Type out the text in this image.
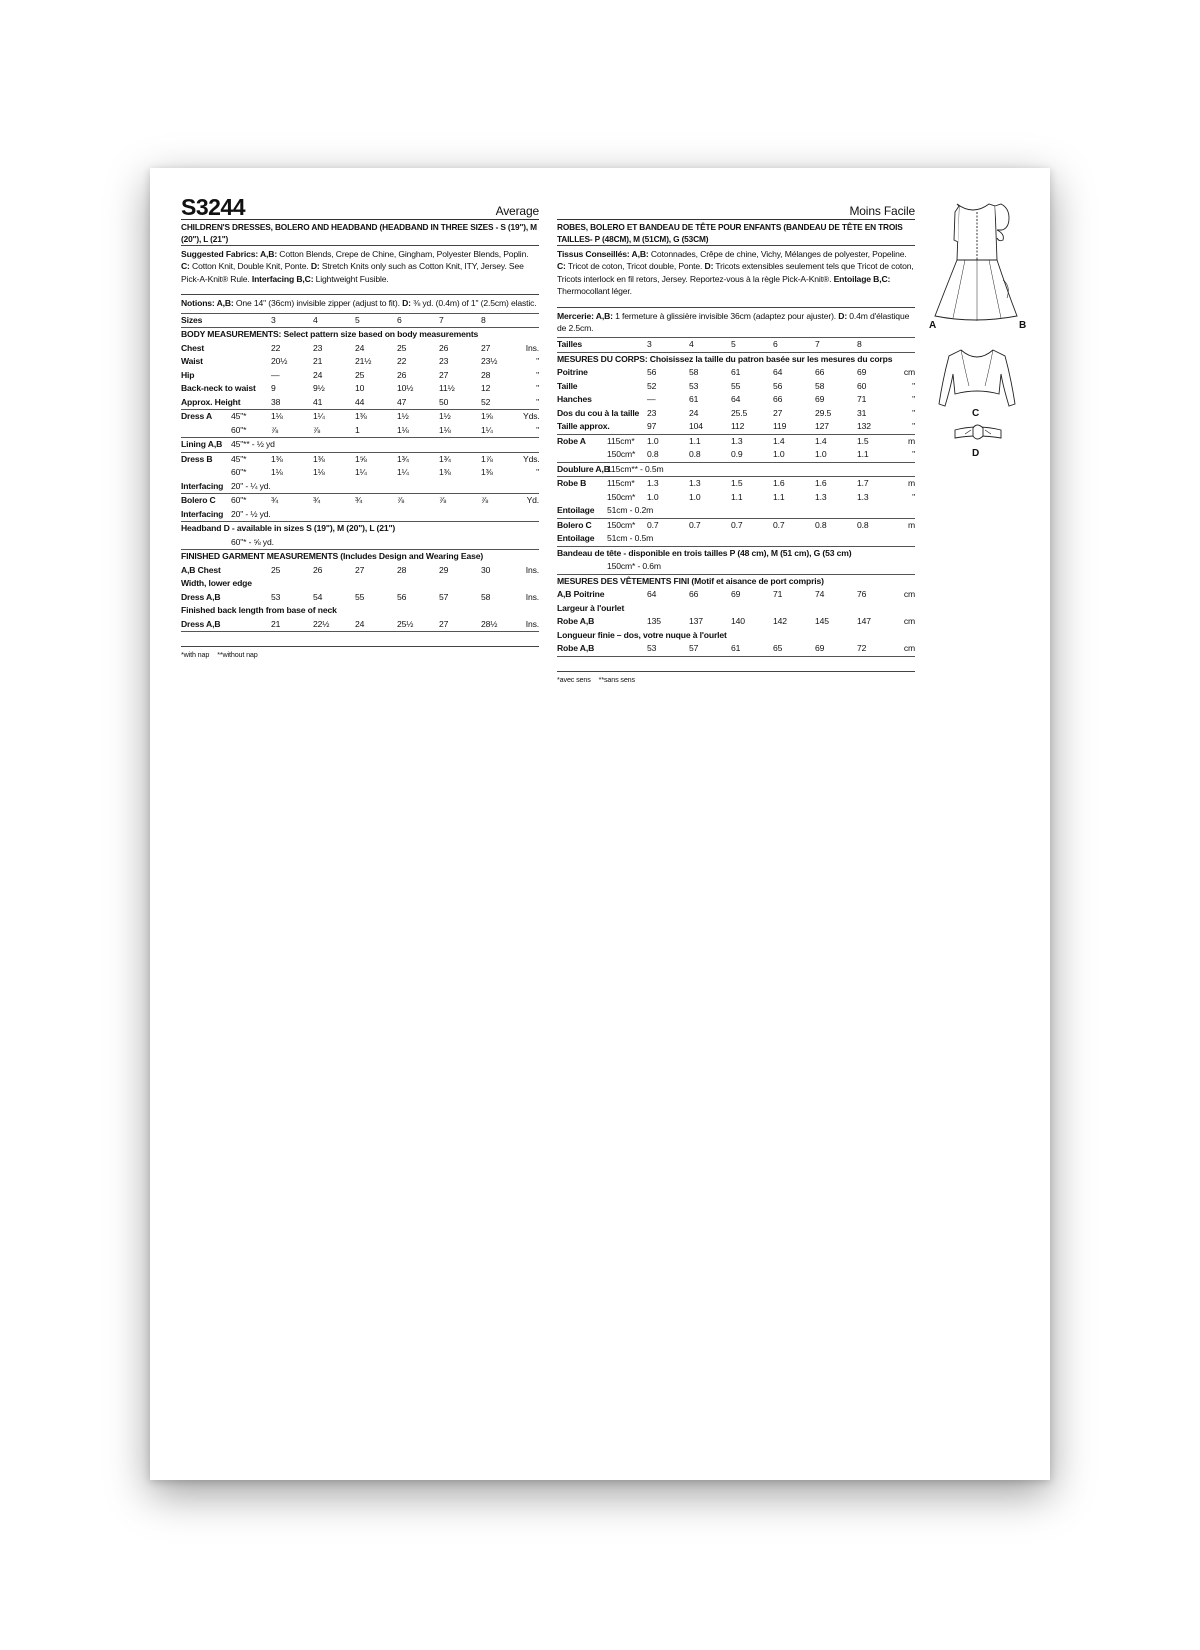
S3244	Average
CHILDREN'S DRESSES, BOLERO AND HEADBAND (HEADBAND IN THREE SIZES - S (19"), M (20"), L (21")

Suggested Fabrics: A,B: Cotton Blends, Crepe de Chine, Gingham, Polyester Blends, Poplin. C: Cotton Knit, Double Knit, Ponte. D: Stretch Knits only such as Cotton Knit, ITY, Jersey. See Pick-A-Knit® Rule. Interfacing B,C: Lightweight Fusible.

Notions: A,B: One 14" (36cm) invisible zipper (adjust to fit). D: ⅜ yd. (0.4m) of 1" (2.5cm) elastic.

Sizes		3	4	5	6	7	8	
BODY MEASUREMENTS: Select pattern size based on body measurements								
Chest		22	23	24	25	26	27	Ins.
Waist		20½	21	21½	22	23	23½	"
Hip		—	24	25	26	27	28	"
Back-neck to waist		9	9½	10	10½	11½	12	"
Approx. Height		38	41	44	47	50	52	"
Dress A	45"*	1⅛	1¼	1⅜	1½	1½	1⅝	Yds.
	60"*	⅞	⅞	1	1⅛	1⅛	1¼	"
Lining A,B	45"** - ½ yd							
Dress B	45"*	1⅜	1⅜	1⅝	1¾	1¾	1⅞	Yds.
	60"*	1⅛	1⅛	1¼	1¼	1⅜	1⅜	"
Interfacing	20" - ¼ yd.							
Bolero C	60"*	¾	¾	¾	⅞	⅞	⅞	Yd.
Interfacing	20" - ½ yd.							
Headband D - available in sizes S (19"), M (20"), L (21")								
	60"* - ⅝ yd.							
FINISHED GARMENT MEASUREMENTS (Includes Design and Wearing Ease)								
A,B Chest		25	26	27	28	29	30	Ins.
Width, lower edge								
Dress A,B		53	54	55	56	57	58	Ins.
Finished back length from base of neck								
Dress A,B		21	22½	24	25½	27	28½	Ins.
*with nap **without nap
Moins Facile
ROBES, BOLERO ET BANDEAU DE TÊTE POUR ENFANTS (BANDEAU DE TÊTE EN TROIS TAILLES- P (48CM), M (51CM), G (53CM)

Tissus Conseillés: A,B: Cotonnades, Crêpe de chine, Vichy, Mélanges de polyester, Popeline. C: Tricot de coton, Tricot double, Ponte. D: Tricots extensibles seulement tels que Tricot de coton, Tricots interlock en fil retors, Jersey. Reportez-vous à la règle Pick-A-Knit®. Entoilage B,C: Thermocollant léger.

Mercerie: A,B: 1 fermeture à glissière invisible 36cm (adaptez pour ajuster). D: 0.4m d'élastique de 2.5cm.

Tailles		3	4	5	6	7	8	
MESURES DU CORPS: Choisissez la taille du patron basée sur les mesures du corps								
Poitrine		56	58	61	64	66	69	cm
Taille		52	53	55	56	58	60	"
Hanches		—	61	64	66	69	71	"
Dos du cou à la taille		23	24	25.5	27	29.5	31	"
Taille approx.		97	104	112	119	127	132	"
Robe A	115cm*	1.0	1.1	1.3	1.4	1.4	1.5	m
	150cm*	0.8	0.8	0.9	1.0	1.0	1.1	"
Doublure A,B	115cm** - 0.5m							
Robe B	115cm*	1.3	1.3	1.5	1.6	1.6	1.7	m
	150cm*	1.0	1.0	1.1	1.1	1.3	1.3	"
Entoilage	51cm - 0.2m							
Bolero C	150cm*	0.7	0.7	0.7	0.7	0.8	0.8	m
Entoilage	51cm - 0.5m							
Bandeau de tête - disponible en trois tailles P (48 cm), M (51 cm), G (53 cm)								
	150cm* - 0.6m							
MESURES DES VÊTEMENTS FINI (Motif et aisance de port compris)								
A,B Poitrine		64	66	69	71	74	76	cm
Largeur à l'ourlet								
Robe A,B		135	137	140	142	145	147	cm
Longueur finie – dos, votre nuque à l'ourlet								
Robe A,B		53	57	61	65	69	72	cm
*avec sens **sans sens
A	B
C
D
